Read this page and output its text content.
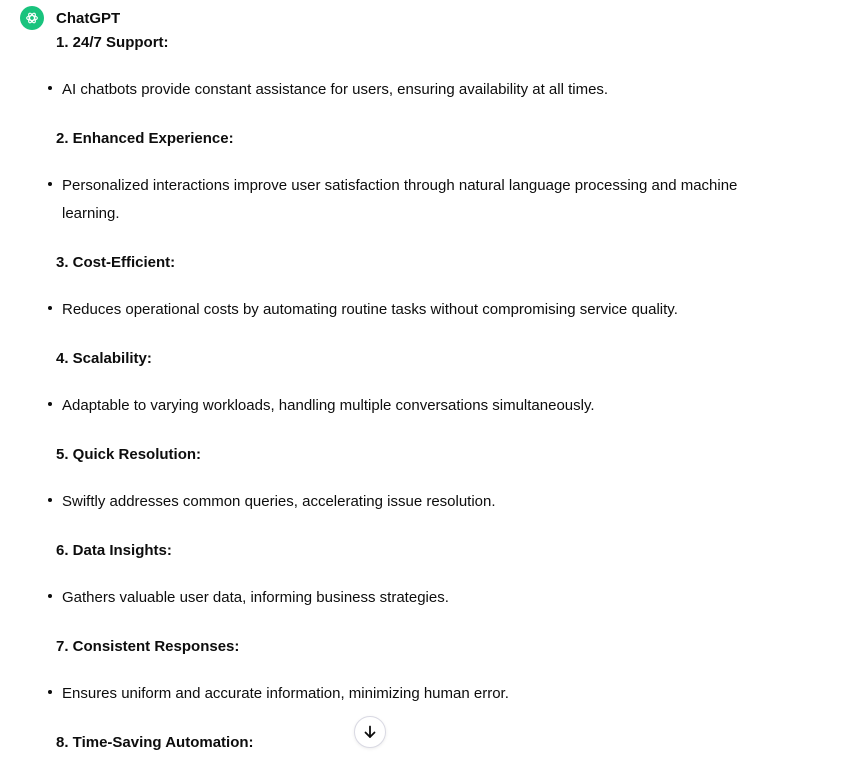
ChatGPT
1. 24/7 Support:
AI chatbots provide constant assistance for users, ensuring availability at all times.
2. Enhanced Experience:
Personalized interactions improve user satisfaction through natural language processing and machine learning.
3. Cost-Efficient:
Reduces operational costs by automating routine tasks without compromising service quality.
4. Scalability:
Adaptable to varying workloads, handling multiple conversations simultaneously.
5. Quick Resolution:
Swiftly addresses common queries, accelerating issue resolution.
6. Data Insights:
Gathers valuable user data, informing business strategies.
7. Consistent Responses:
Ensures uniform and accurate information, minimizing human error.
8. Time-Saving Automation:
